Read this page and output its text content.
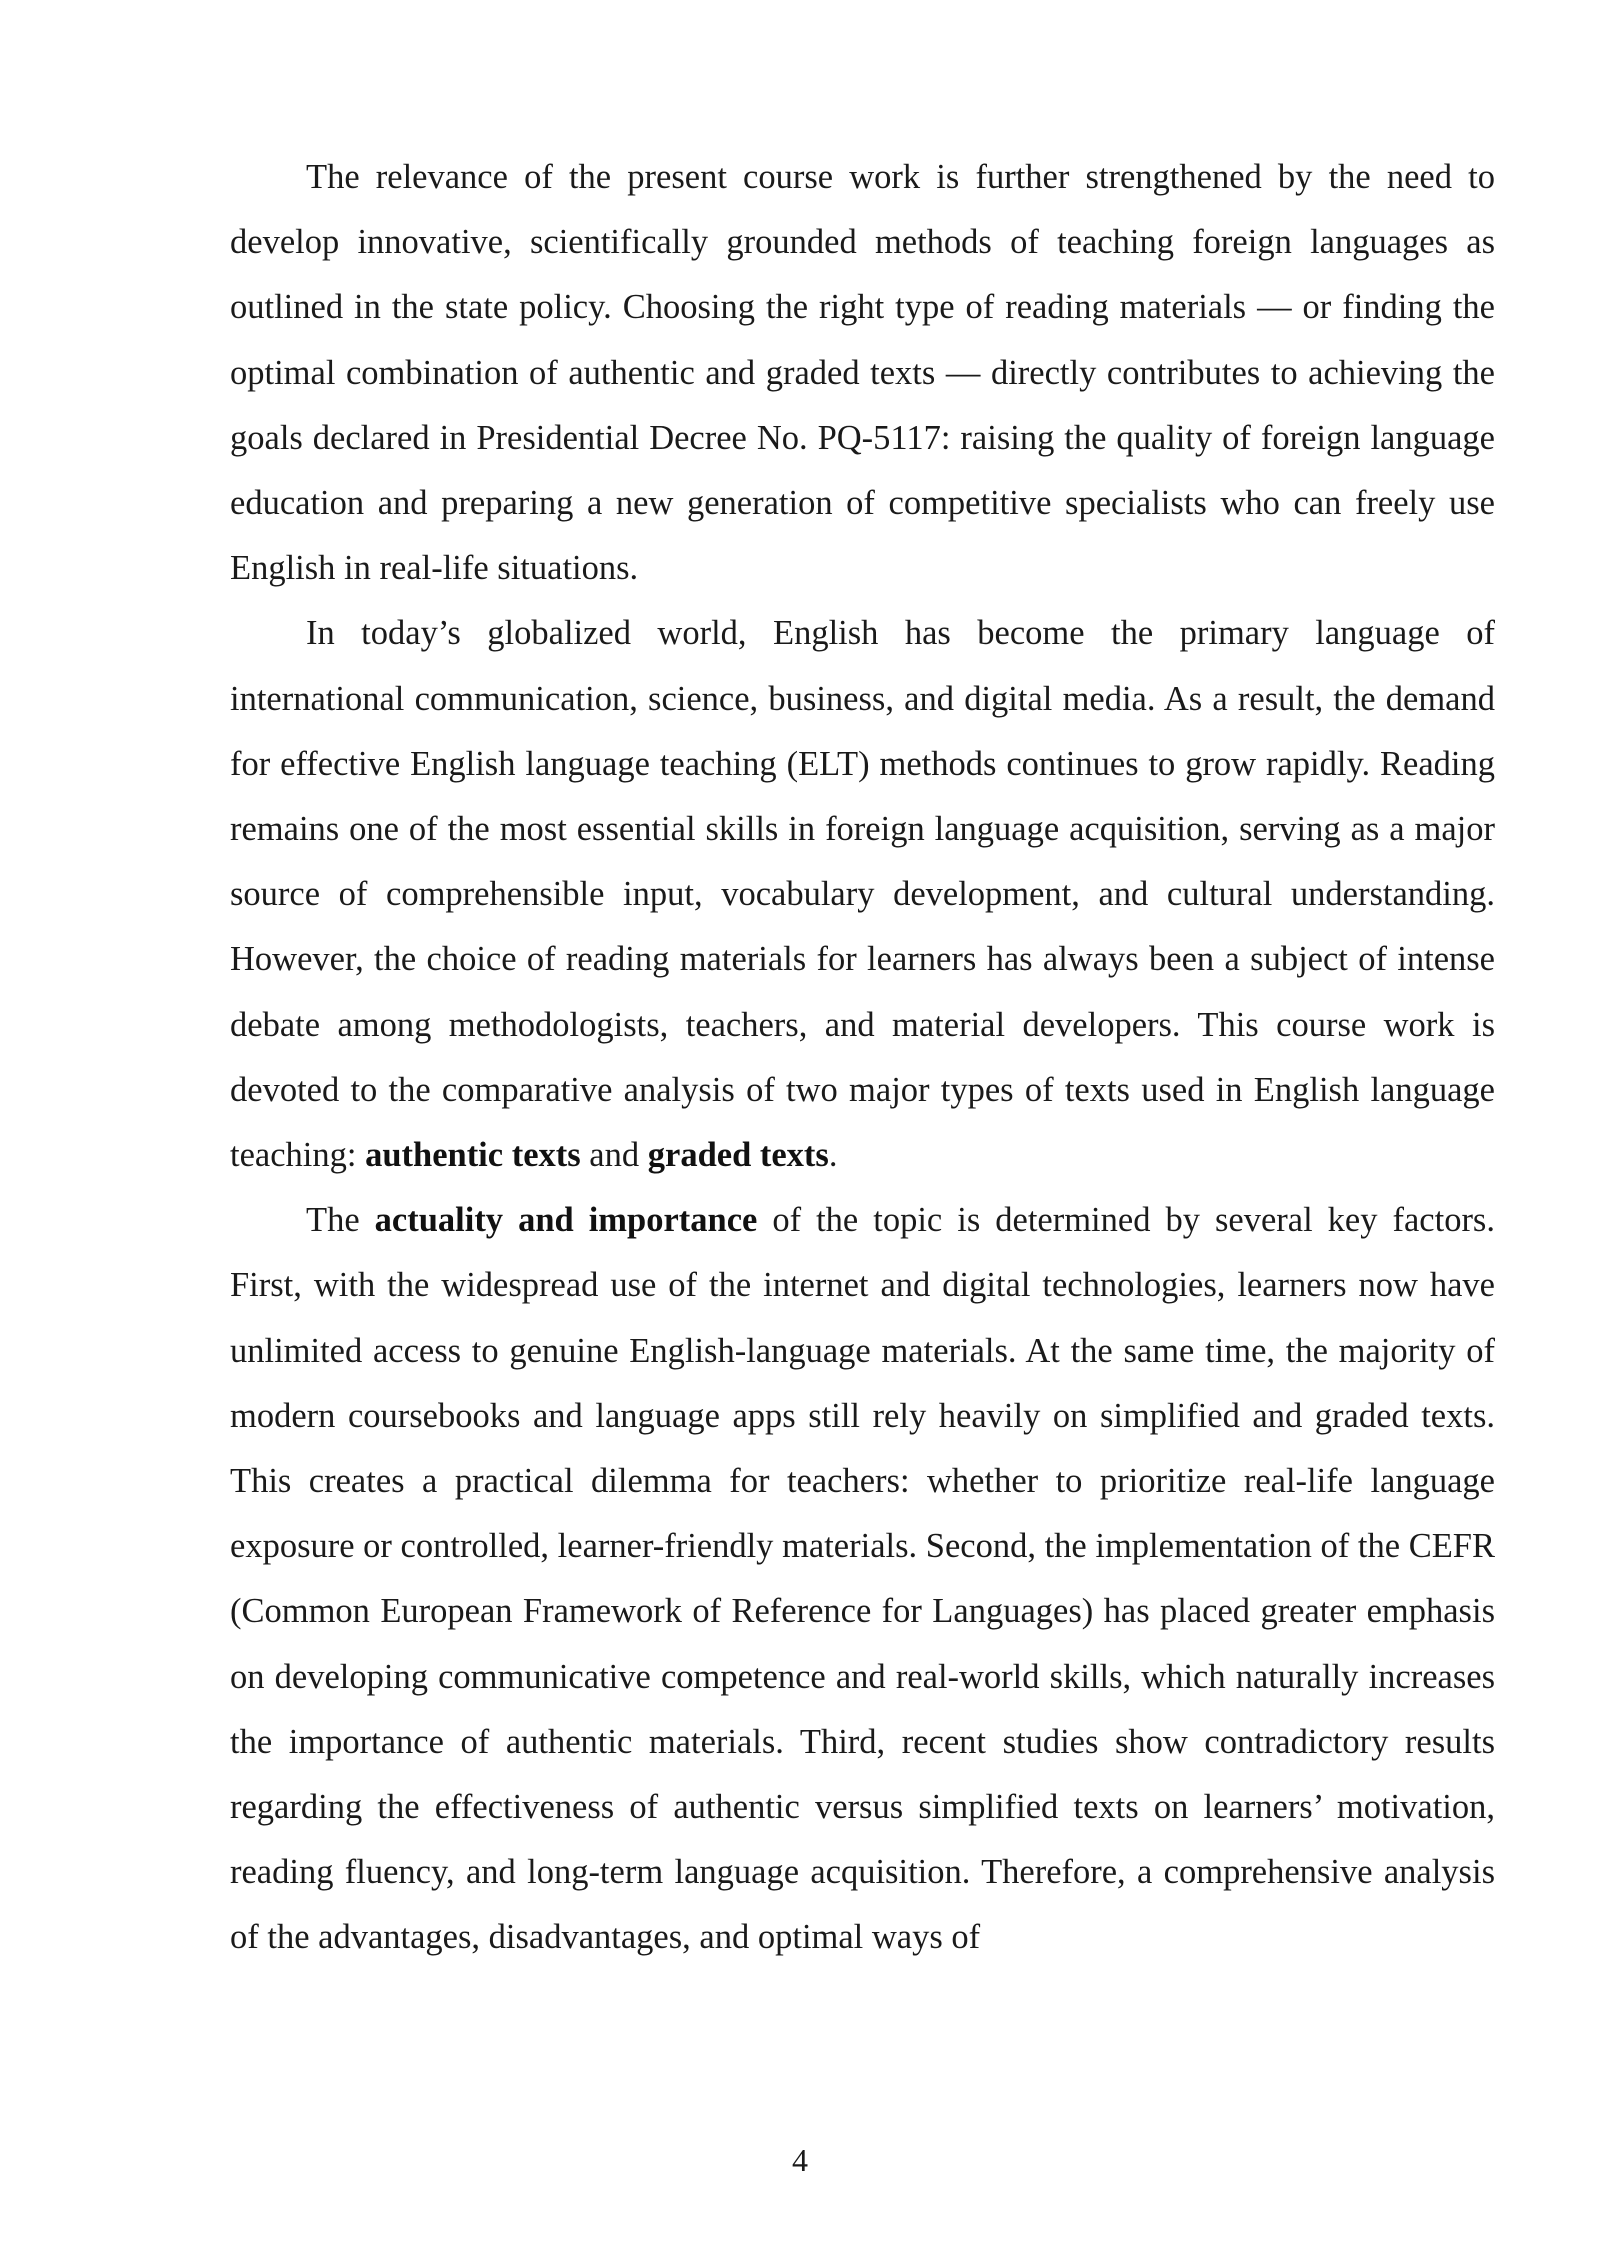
The relevance of the present course work is further strengthened by the need to develop innovative, scientifically grounded methods of teaching foreign languages as outlined in the state policy. Choosing the right type of reading materials — or finding the optimal combination of authentic and graded texts — directly contributes to achieving the goals declared in Presidential Decree No. PQ-5117: raising the quality of foreign language education and preparing a new generation of competitive specialists who can freely use English in real-life situations.

In today’s globalized world, English has become the primary language of international communication, science, business, and digital media. As a result, the demand for effective English language teaching (ELT) methods continues to grow rapidly. Reading remains one of the most essential skills in foreign language acquisition, serving as a major source of comprehensible input, vocabulary development, and cultural understanding. However, the choice of reading materials for learners has always been a subject of intense debate among methodologists, teachers, and material developers. This course work is devoted to the comparative analysis of two major types of texts used in English language teaching: authentic texts and graded texts.

The actuality and importance of the topic is determined by several key factors. First, with the widespread use of the internet and digital technologies, learners now have unlimited access to genuine English-language materials. At the same time, the majority of modern coursebooks and language apps still rely heavily on simplified and graded texts. This creates a practical dilemma for teachers: whether to prioritize real-life language exposure or controlled, learner-friendly materials. Second, the implementation of the CEFR (Common European Framework of Reference for Languages) has placed greater emphasis on developing communicative competence and real-world skills, which naturally increases the importance of authentic materials. Third, recent studies show contradictory results regarding the effectiveness of authentic versus simplified texts on learners’ motivation, reading fluency, and long-term language acquisition. Therefore, a comprehensive analysis of the advantages, disadvantages, and optimal ways of

4
